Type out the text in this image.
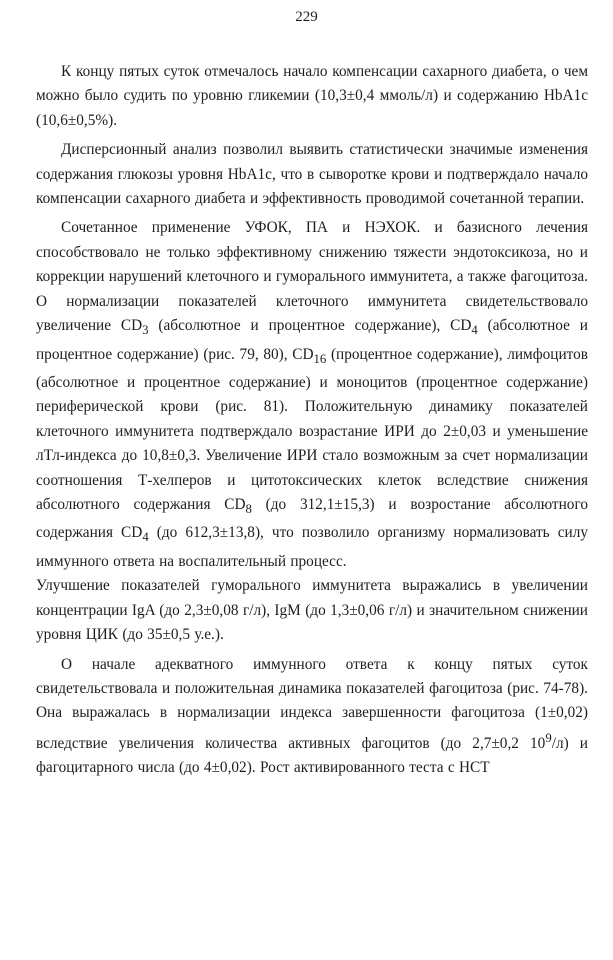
229

К концу пятых суток отмечалось начало компенсации сахарного диабета, о чем можно было судить по уровню гликемии (10,3±0,4 ммоль/л) и содержанию HbA1c (10,6±0,5%).

Дисперсионный анализ позволил выявить статистически значимые изменения содержания глюкозы уровня HbA1c, что в сыворотке крови и подтверждало начало компенсации сахарного диабета и эффективность проводимой сочетанной терапии.

Сочетанное применение УФОК, ПА и НЭХОК. и базисного лечения способствовало не только эффективному снижению тяжести эндотоксикоза, но и коррекции нарушений клеточного и гуморального иммунитета, а также фагоцитоза. О нормализации показателей клеточного иммунитета свидетельствовало увеличение $CD_3$ (абсолютное и процентное содержание), $CD_4$ (абсолютное и процентное содержание) (рис. 79, 80), $CD_{16}$ (процентное содержание), лимфоцитов (абсолютное и процентное содержание) и моноцитов (процентное содержание) периферической крови (рис. 81). Положительную динамику показателей клеточного иммунитета подтверждало возрастание ИРИ до 2±0,03 и уменьшение лТл-индекса до 10,8±0,3. Увеличение ИРИ стало возможным за счет нормализации соотношения Т-хелперов и цитотоксических клеток вследствие снижения абсолютного содержания $CD_8$ (до 312,1±15,3) и возростание абсолютного содержания $CD_4$ (до 612,3±13,8), что позволило организму нормализовать силу иммунного ответа на воспалительный процесс.

Улучшение показателей гуморального иммунитета выражались в увеличении концентрации IgA (до 2,3±0,08 г/л), IgM (до 1,3±0,06 г/л) и значительном снижении уровня ЦИК (до 35±0,5 у.е.).

О начале адекватного иммунного ответа к концу пятых суток свидетельствовала и положительная динамика показателей фагоцитоза (рис. 74-78). Она выражалась в нормализации индекса завершенности фагоцитоза (1±0,02) вследствие увеличения количества активных фагоцитов (до 2,7±0,2 $10^9/л$) и фагоцитарного числа (до 4±0,02). Рост активированного теста с НСТ
